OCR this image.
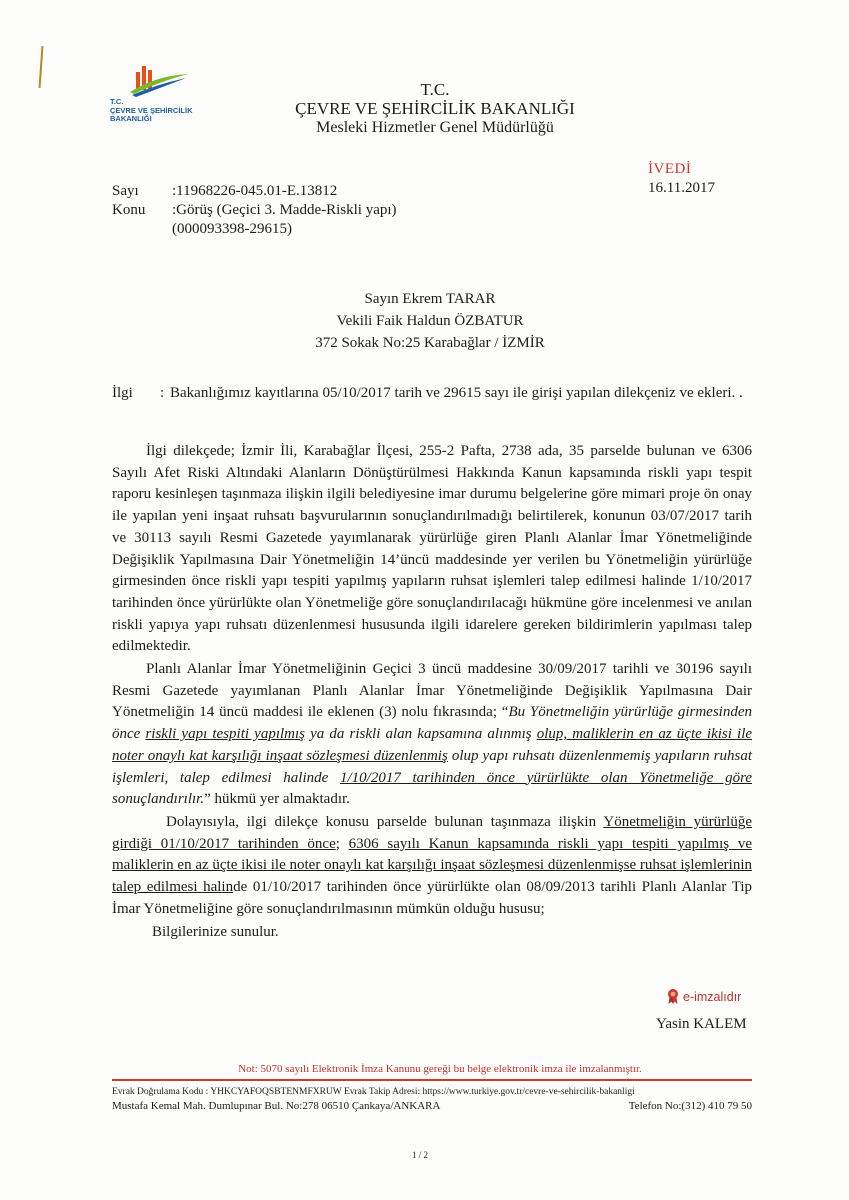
T.C.
ÇEVRE VE ŞEHİRCİLİK
BAKANLIĞI
T.C.
ÇEVRE VE ŞEHİRCİLİK BAKANLIĞI
Mesleki Hizmetler Genel Müdürlüğü
İVEDİ
16.11.2017
Sayı	:11968226-045.01-E.13812
Konu	:Görüş (Geçici 3. Madde-Riskli yapı)
(000093398-29615)
Sayın Ekrem TARAR
Vekili Faik Haldun ÖZBATUR
372 Sokak No:25 Karabağlar / İZMİR
İlgi : Bakanlığımız kayıtlarına 05/10/2017 tarih ve 29615 sayı ile girişi yapılan dilekçeniz ve ekleri. .

İlgi dilekçede; İzmir İli, Karabağlar İlçesi, 255-2 Pafta, 2738 ada, 35 parselde bulunan ve 6306 Sayılı Afet Riski Altındaki Alanların Dönüştürülmesi Hakkında Kanun kapsamında riskli yapı tespit raporu kesinleşen taşınmaza ilişkin ilgili belediyesine imar durumu belgelerine göre mimari proje ön onay ile yapılan yeni inşaat ruhsatı başvurularının sonuçlandırılmadığı belirtilerek, konunun 03/07/2017 tarih ve 30113 sayılı Resmi Gazetede yayımlanarak yürürlüğe giren Planlı Alanlar İmar Yönetmeliğinde Değişiklik Yapılmasına Dair Yönetmeliğin 14’üncü maddesinde yer verilen bu Yönetmeliğin yürürlüğe girmesinden önce riskli yapı tespiti yapılmış yapıların ruhsat işlemleri talep edilmesi halinde 1/10/2017 tarihinden önce yürürlükte olan Yönetmeliğe göre sonuçlandırılacağı hükmüne göre incelenmesi ve anılan riskli yapıya yapı ruhsatı düzenlenmesi hususunda ilgili idarelere gereken bildirimlerin yapılması talep edilmektedir.

Planlı Alanlar İmar Yönetmeliğinin Geçici 3 üncü maddesine 30/09/2017 tarihli ve 30196 sayılı Resmi Gazetede yayımlanan Planlı Alanlar İmar Yönetmeliğinde Değişiklik Yapılmasına Dair Yönetmeliğin 14 üncü maddesi ile eklenen (3) nolu fıkrasında; “Bu Yönetmeliğin yürürlüğe girmesinden önce riskli yapı tespiti yapılmış ya da riskli alan kapsamına alınmış olup, maliklerin en az üçte ikisi ile noter onaylı kat karşılığı inşaat sözleşmesi düzenlenmiş olup yapı ruhsatı düzenlenmemiş yapıların ruhsat işlemleri, talep edilmesi halinde 1/10/2017 tarihinden önce yürürlükte olan Yönetmeliğe göre sonuçlandırılır.” hükmü yer almaktadır.

Dolayısıyla, ilgi dilekçe konusu parselde bulunan taşınmaza ilişkin Yönetmeliğin yürürlüğe girdiği 01/10/2017 tarihinden önce; 6306 sayılı Kanun kapsamında riskli yapı tespiti yapılmış ve maliklerin en az üçte ikisi ile noter onaylı kat karşılığı inşaat sözleşmesi düzenlenmişse ruhsat işlemlerinin talep edilmesi halinde 01/10/2017 tarihinden önce yürürlükte olan 08/09/2013 tarihli Planlı Alanlar Tip İmar Yönetmeliğine göre sonuçlandırılmasının mümkün olduğu hususu;

Bilgilerinize sunulur.

e-imzalıdır
Yasin KALEM
Not: 5070 sayılı Elektronik İmza Kanunu gereği bu belge elektronik imza ile imzalanmıştır.
Evrak Doğrulama Kodu : YHKCYAFOQSBTENMFXRUW Evrak Takip Adresi: https://www.turkiye.gov.tr/cevre-ve-sehircilik-bakanligi
Mustafa Kemal Mah. Dumlupınar Bul. No:278 06510 Çankaya/ANKARA	Telefon No:(312) 410 79 50
1 / 2
